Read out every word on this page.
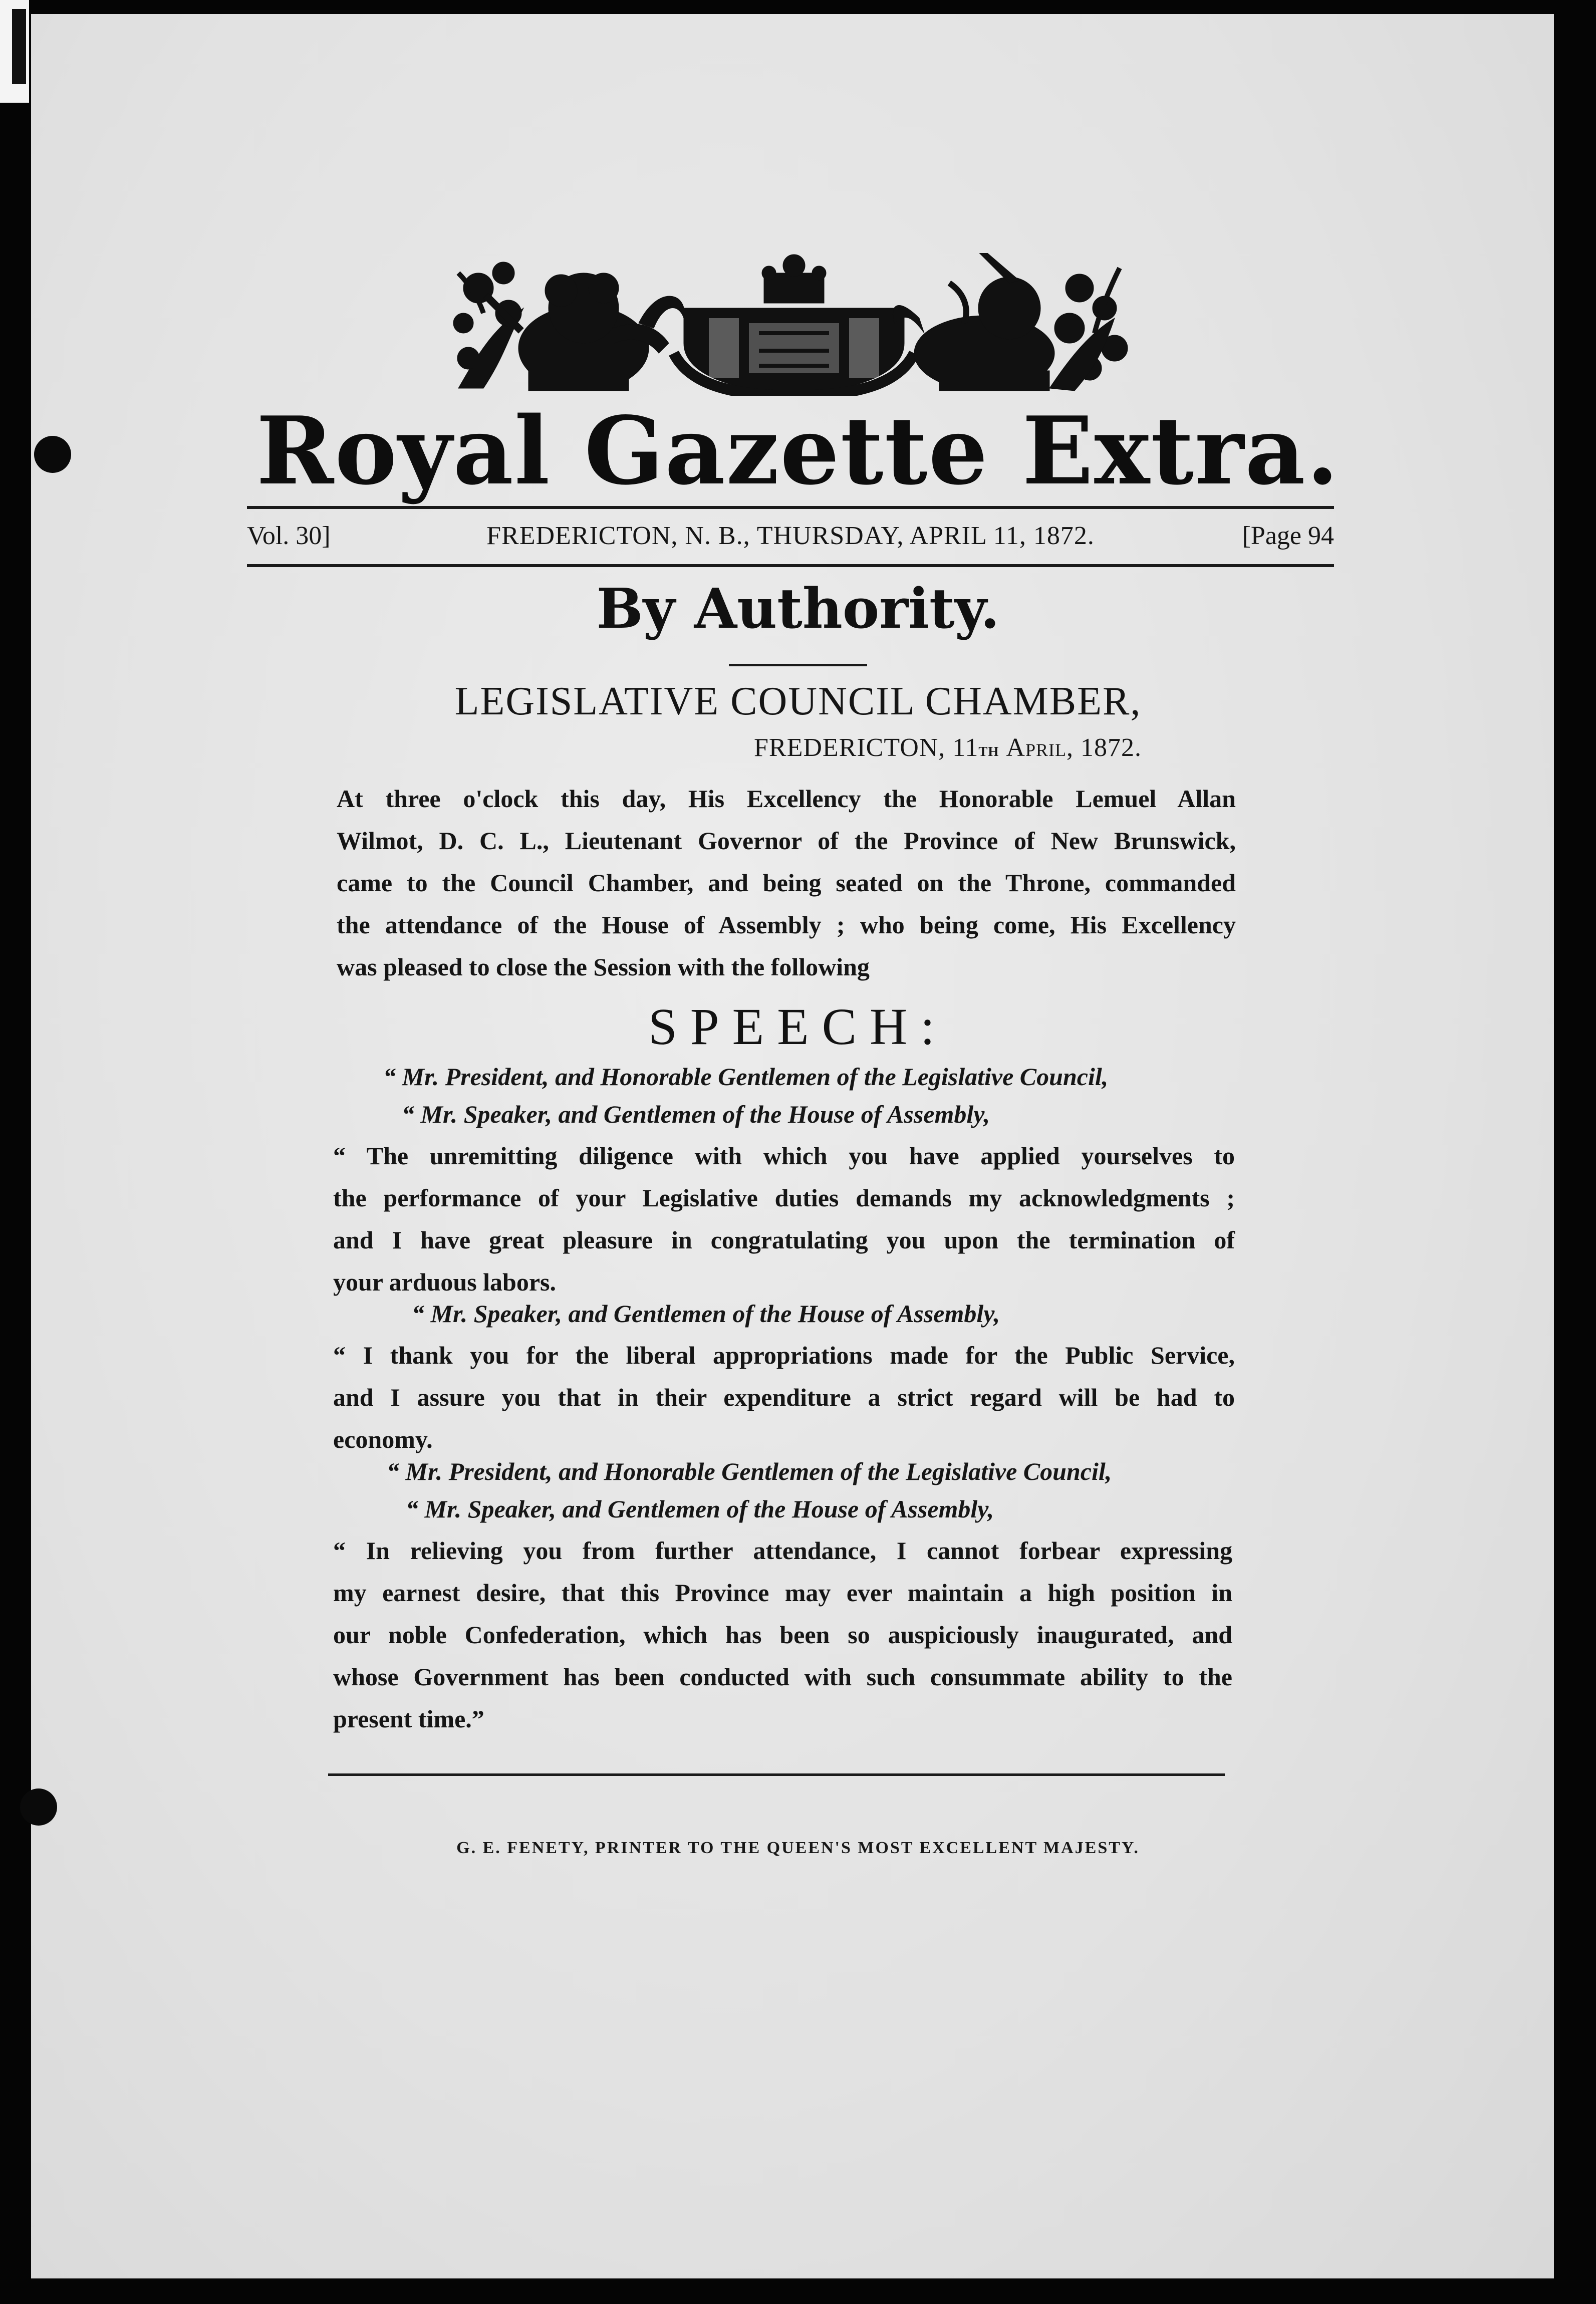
Royal Gazette Extra.
Vol. 30]	FREDERICTON, N. B., THURSDAY, APRIL 11, 1872.	[Page 94
By Authority.
LEGISLATIVE COUNCIL CHAMBER,
FREDERICTON, 11th April, 1872.
At three o'clock this day, His Excellency the Honorable Lemuel Allan
Wilmot, D. C. L., Lieutenant Governor of the Province of New Brunswick,
came to the Council Chamber, and being seated on the Throne, commanded
the attendance of the House of Assembly ; who being come, His Excellency
was pleased to close the Session with the following
SPEECH:
“ Mr. President, and Honorable Gentlemen of the Legislative Council,
“ Mr. Speaker, and Gentlemen of the House of Assembly,
“ The unremitting diligence with which you have applied yourselves to
the performance of your Legislative duties demands my acknowledgments ;
and I have great pleasure in congratulating you upon the termination of
your arduous labors.
“ Mr. Speaker, and Gentlemen of the House of Assembly,
“ I thank you for the liberal appropriations made for the Public Service,
and I assure you that in their expenditure a strict regard will be had to
economy.
“ Mr. President, and Honorable Gentlemen of the Legislative Council,
“ Mr. Speaker, and Gentlemen of the House of Assembly,
“ In relieving you from further attendance, I cannot forbear expressing
my earnest desire, that this Province may ever maintain a high position in
our noble Confederation, which has been so auspiciously inaugurated, and
whose Government has been conducted with such consummate ability to the
present time.”
G. E. FENETY, PRINTER TO THE QUEEN'S MOST EXCELLENT MAJESTY.
